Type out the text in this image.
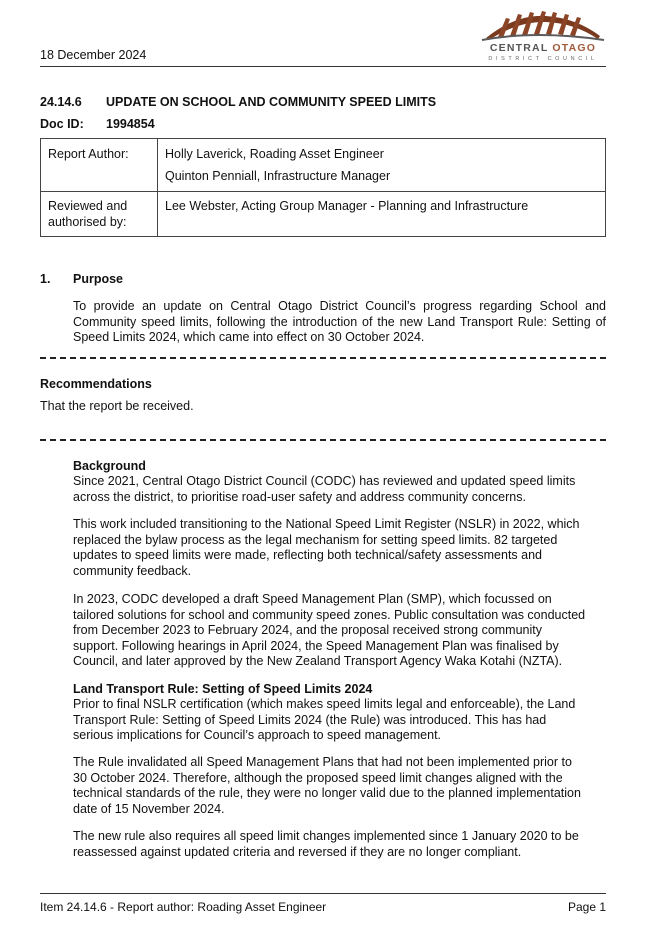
18 December 2024	CENTRAL OTAGO
DISTRICT COUNCIL
24.14.6 UPDATE ON SCHOOL AND COMMUNITY SPEED LIMITS
Doc ID: 1994854
Report Author:	Holly Laverick, Roading Asset Engineer
Quinton Penniall, Infrastructure Manager

Reviewed and
authorised by:	Lee Webster, Acting Group Manager - Planning and Infrastructure
1. Purpose
To provide an update on Central Otago District Council’s progress regarding School and Community speed limits, following the introduction of the new Land Transport Rule: Setting of Speed Limits 2024, which came into effect on 30 October 2024.
Recommendations
That the report be received.
Background
Since 2021, Central Otago District Council (CODC) has reviewed and updated speed limits
across the district, to prioritise road-user safety and address community concerns.
This work included transitioning to the National Speed Limit Register (NSLR) in 2022, which
replaced the bylaw process as the legal mechanism for setting speed limits. 82 targeted
updates to speed limits were made, reflecting both technical/safety assessments and
community feedback.
In 2023, CODC developed a draft Speed Management Plan (SMP), which focussed on
tailored solutions for school and community speed zones. Public consultation was conducted
from December 2023 to February 2024, and the proposal received strong community
support. Following hearings in April 2024, the Speed Management Plan was finalised by
Council, and later approved by the New Zealand Transport Agency Waka Kotahi (NZTA).
Land Transport Rule: Setting of Speed Limits 2024
Prior to final NSLR certification (which makes speed limits legal and enforceable), the Land
Transport Rule: Setting of Speed Limits 2024 (the Rule) was introduced. This has had
serious implications for Council’s approach to speed management.
The Rule invalidated all Speed Management Plans that had not been implemented prior to
30 October 2024. Therefore, although the proposed speed limit changes aligned with the
technical standards of the rule, they were no longer valid due to the planned implementation
date of 15 November 2024.
The new rule also requires all speed limit changes implemented since 1 January 2020 to be
reassessed against updated criteria and reversed if they are no longer compliant.
Item 24.14.6 - Report author: Roading Asset Engineer	Page 1
